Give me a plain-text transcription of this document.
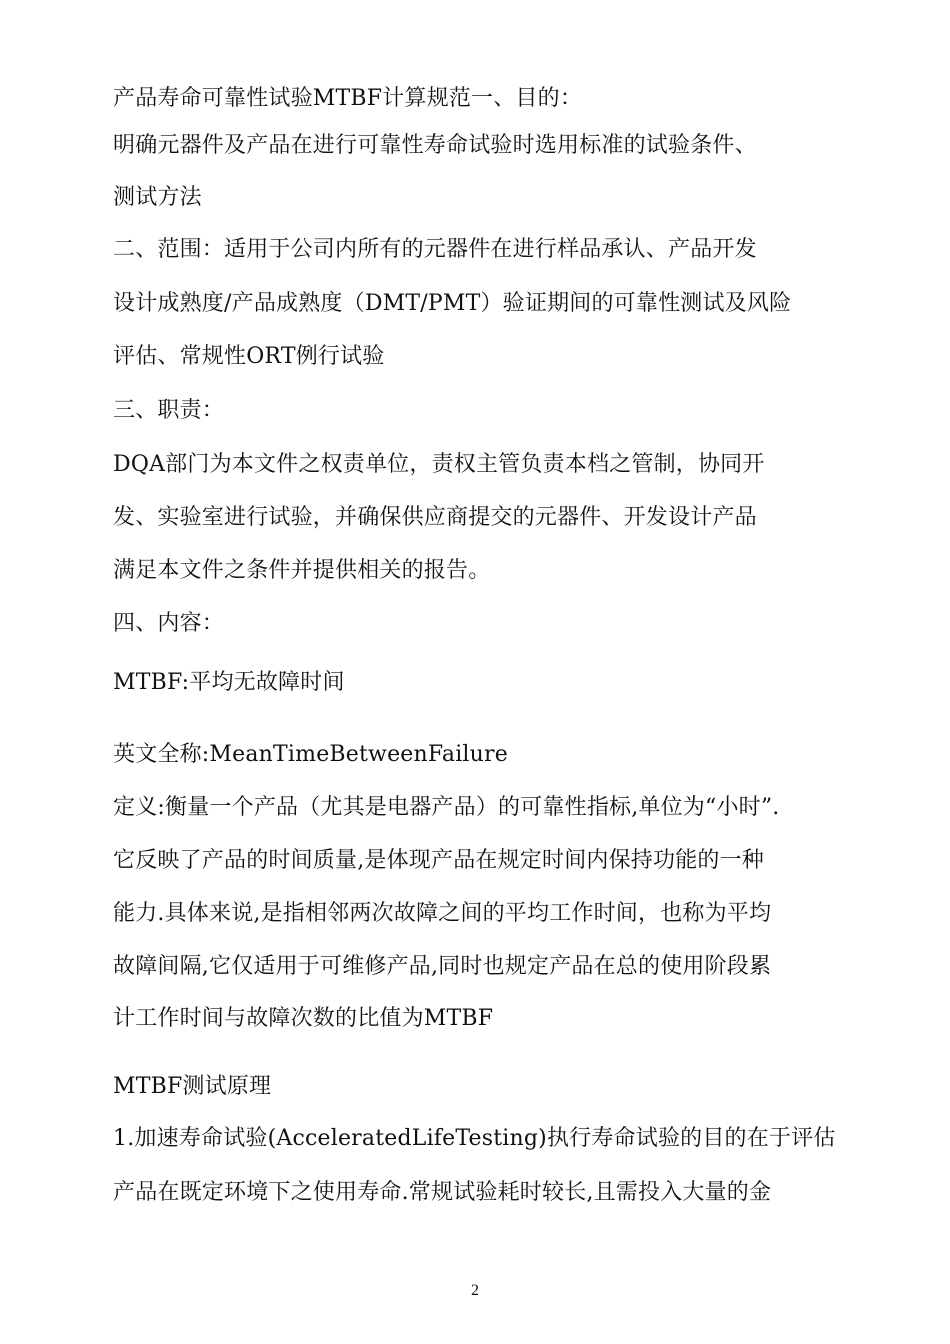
产品寿命可靠性试验MTBF计算规范一、目的：
明确元器件及产品在进行可靠性寿命试验时选用标准的试验条件、
测试方法
二、范围：适用于公司内所有的元器件在进行样品承认、产品开发
设计成熟度/产品成熟度（DMT/PMT）验证期间的可靠性测试及风险
评估、常规性ORT例行试验
三、职责：
DQA部门为本文件之权责单位，责权主管负责本档之管制，协同开
发、实验室进行试验，并确保供应商提交的元器件、开发设计产品
满足本文件之条件并提供相关的报告。
四、内容：
MTBF:平均无故障时间
英文全称:MeanTimeBetweenFailure
定义:衡量一个产品（尤其是电器产品）的可靠性指标,单位为“小时”.
它反映了产品的时间质量,是体现产品在规定时间内保持功能的一种
能力.具体来说,是指相邻两次故障之间的平均工作时间，也称为平均
故障间隔,它仅适用于可维修产品,同时也规定产品在总的使用阶段累
计工作时间与故障次数的比值为MTBF
MTBF测试原理
1.加速寿命试验(AcceleratedLifeTesting)执行寿命试验的目的在于评估
产品在既定环境下之使用寿命.常规试验耗时较长,且需投入大量的金
2
